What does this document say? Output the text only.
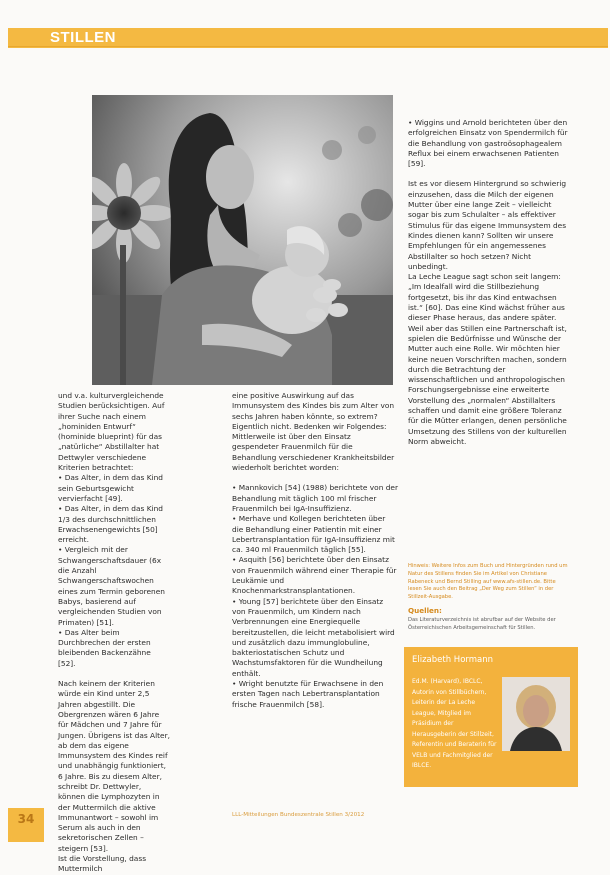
STILLEN

und v.a. kulturvergleichende Studien berücksichtigen. Auf ihrer Suche nach einem „hominiden Entwurf“ (hominide blueprint) für das „natürliche“ Abstillalter hat Dettwyler verschiedene Kriterien betrachtet:
• Das Alter, in dem das Kind sein Geburtsgewicht vervierfacht [49].
• Das Alter, in dem das Kind 1/3 des durchschnittlichen Erwachsenengewichts [50] erreicht.
• Vergleich mit der Schwangerschaftsdauer (6x die Anzahl Schwangerschaftswochen eines zum Termin geborenen Babys, basierend auf vergleichenden Studien von Primaten) [51].
• Das Alter beim Durchbrechen der ersten bleibenden Backenzähne [52].

Nach keinem der Kriterien würde ein Kind unter 2,5 Jahren abgestillt. Die Obergrenzen wären 6 Jahre für Mädchen und 7 Jahre für Jungen. Übrigens ist das Alter, ab dem das eigene Immunsystem des Kindes reif und unabhängig funktioniert, 6 Jahre. Bis zu diesem Alter, schreibt Dr. Dettwyler, können die Lymphozyten in der Muttermilch die aktive Immunantwort – sowohl im Serum als auch in den sekretorischen Zellen – steigern [53].
Ist die Vorstellung, dass Muttermilch

eine positive Auswirkung auf das Immunsystem des Kindes bis zum Alter von sechs Jahren haben könnte, so extrem? Eigentlich nicht. Bedenken wir Folgendes: Mittlerweile ist über den Einsatz gespendeter Frauenmilch für die Behandlung verschiedener Krankheitsbilder wiederholt berichtet worden:

• Mannkovich [54] (1988) berichtete von der Behandlung mit täglich 100 ml frischer Frauenmilch bei IgA-Insuffizienz.
• Merhave und Kollegen berichteten über die Behandlung einer Patientin mit einer Lebertransplantation für IgA-Insuffizienz mit ca. 340 ml Frauenmilch täglich [55].
• Asquith [56] berichtete über den Einsatz von Frauenmilch während einer Therapie für Leukämie und Knochenmarkstransplantationen.
• Young [57] berichtete über den Einsatz von Frauenmilch, um Kindern nach Verbrennungen eine Energiequelle bereitzustellen, die leicht metabolisiert wird und zusätzlich dazu immunglobuline, bakteriostatischen Schutz und Wachstumsfaktoren für die Wundheilung enthält.
• Wright benutzte für Erwachsene in den ersten Tagen nach Lebertransplantation frische Frauenmilch [58].

• Wiggins und Arnold berichteten über den erfolgreichen Einsatz von Spendermilch für die Behandlung von gastroösophagealem Reflux bei einem erwachsenen Patienten [59].

Ist es vor diesem Hintergrund so schwierig einzusehen, dass die Milch der eigenen Mutter über eine lange Zeit – vielleicht sogar bis zum Schulalter – als effektiver Stimulus für das eigene Immunsystem des Kindes dienen kann? Sollten wir unsere Empfehlungen für ein angemessenes Abstillalter so hoch setzen? Nicht unbedingt.
La Leche League sagt schon seit langem: „Im Idealfall wird die Stillbeziehung fortgesetzt, bis ihr das Kind entwachsen ist.“ [60]. Das eine Kind wächst früher aus dieser Phase heraus, das andere später. Weil aber das Stillen eine Partnerschaft ist, spielen die Bedürfnisse und Wünsche der Mutter auch eine Rolle. Wir möchten hier keine neuen Vorschriften machen, sondern durch die Betrachtung der wissenschaftlichen und anthropologischen Forschungsergebnisse eine erweiterte Vorstellung des „normalen“ Abstillalters schaffen und damit eine größere Toleranz für die Mütter erlangen, denen persönliche Umsetzung des Stillens von der kulturellen Norm abweicht.

Hinweis: Weitere Infos zum Buch und Hintergründen rund um Natur des Stillens finden Sie im Artikel von Christiane Rabeneck und Bernd Stilling auf www.afs-stillen.de. Bitte lesen Sie auch den Beitrag „Der Weg zum Stillen“ in der Stillzeit-Ausgabe.
Quellen:
Das Literaturverzeichnis ist abrufbar auf der Website der Österreichischen Arbeitsgemeinschaft für Stillen.
Elizabeth Hormann
Ed.M. (Harvard), IBCLC, Autorin von Stillbüchern, Leiterin der La Leche League, Mitglied im Präsidium der Herausgeberin der Stillzeit, Referentin und Beraterin für VELB und Fachmitglied der IBLCE.
34	LLL-Mitteilungen Bundeszentrale Stillen 3/2012
